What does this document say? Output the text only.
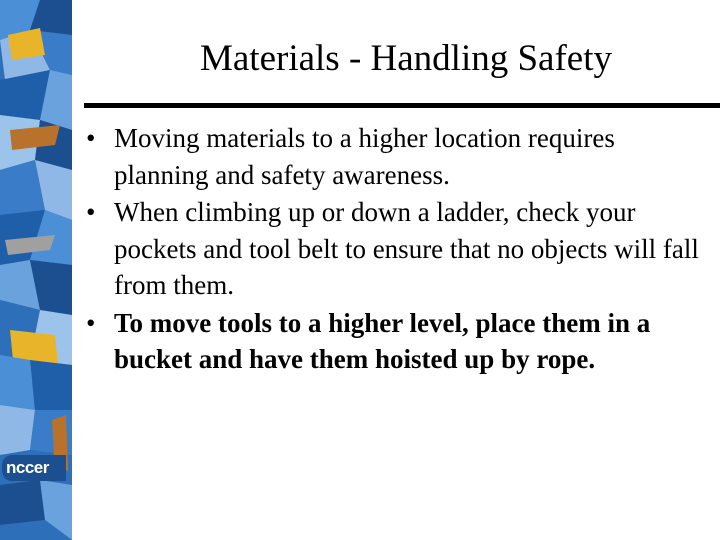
nccer
Materials - Handling Safety
• Moving materials to a higher location requires planning and safety awareness.
• When climbing up or down a ladder, check your pockets and tool belt to ensure that no objects will fall from them.
• To move tools to a higher level, place them in a bucket and have them hoisted up by rope.
